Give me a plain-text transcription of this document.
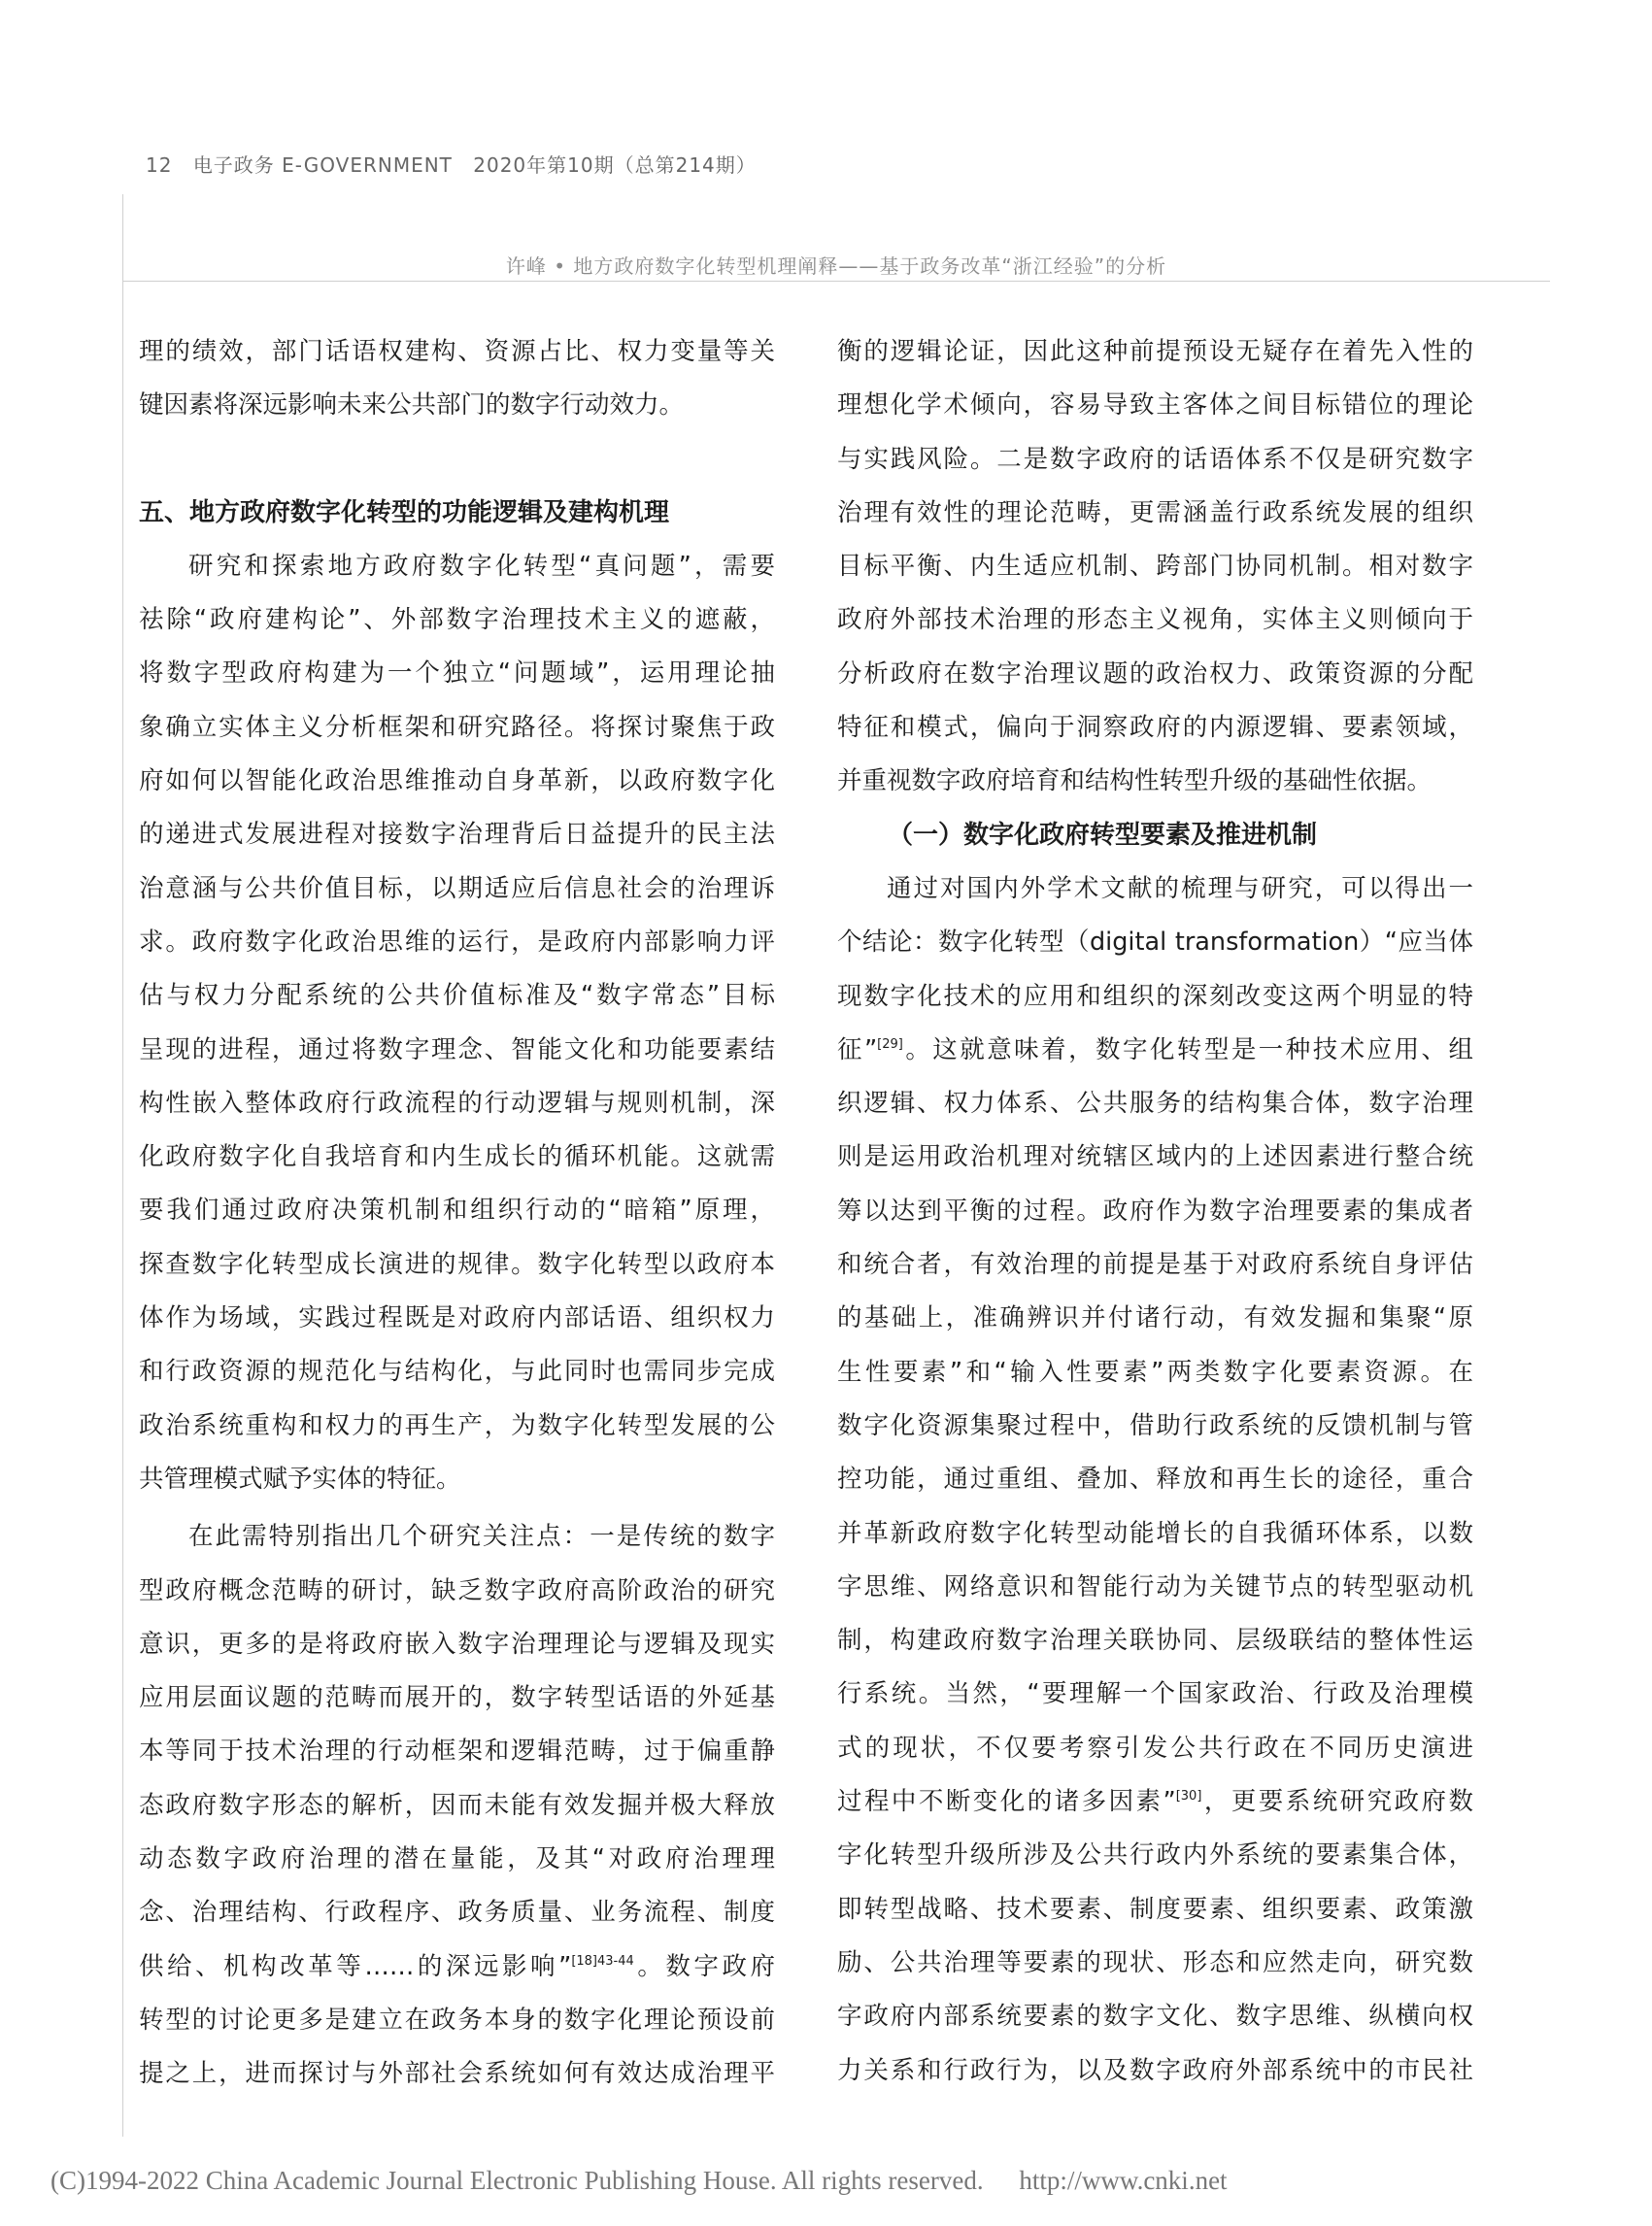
12 电子政务 E-GOVERNMENT 2020年第10期（总第214期）
许峰 • 地方政府数字化转型机理阐释——基于政务改革“浙江经验”的分析

理的绩效，部门话语权建构、资源占比、权力变量等关

键因素将深远影响未来公共部门的数字行动效力。

五、地方政府数字化转型的功能逻辑及建构机理

研究和探索地方政府数字化转型“真问题”，需要

祛除“政府建构论”、外部数字治理技术主义的遮蔽，

将数字型政府构建为一个独立“问题域”，运用理论抽

象确立实体主义分析框架和研究路径。将探讨聚焦于政

府如何以智能化政治思维推动自身革新，以政府数字化

的递进式发展进程对接数字治理背后日益提升的民主法

治意涵与公共价值目标，以期适应后信息社会的治理诉

求。政府数字化政治思维的运行，是政府内部影响力评

估与权力分配系统的公共价值标准及“数字常态”目标

呈现的进程，通过将数字理念、智能文化和功能要素结

构性嵌入整体政府行政流程的行动逻辑与规则机制，深

化政府数字化自我培育和内生成长的循环机能。这就需

要我们通过政府决策机制和组织行动的“暗箱”原理，

探查数字化转型成长演进的规律。数字化转型以政府本

体作为场域，实践过程既是对政府内部话语、组织权力

和行政资源的规范化与结构化，与此同时也需同步完成

政治系统重构和权力的再生产，为数字化转型发展的公

共管理模式赋予实体的特征。

在此需特别指出几个研究关注点：一是传统的数字

型政府概念范畴的研讨，缺乏数字政府高阶政治的研究

意识，更多的是将政府嵌入数字治理理论与逻辑及现实

应用层面议题的范畴而展开的，数字转型话语的外延基

本等同于技术治理的行动框架和逻辑范畴，过于偏重静

态政府数字形态的解析，因而未能有效发掘并极大释放

动态数字政府治理的潜在量能，及其“对政府治理理

念、治理结构、行政程序、政务质量、业务流程、制度

供给、机构改革等……的深远影响”$^{[18]43-44}$。数字政府

转型的讨论更多是建立在政务本身的数字化理论预设前

提之上，进而探讨与外部社会系统如何有效达成治理平

衡的逻辑论证，因此这种前提预设无疑存在着先入性的

理想化学术倾向，容易导致主客体之间目标错位的理论

与实践风险。二是数字政府的话语体系不仅是研究数字

治理有效性的理论范畴，更需涵盖行政系统发展的组织

目标平衡、内生适应机制、跨部门协同机制。相对数字

政府外部技术治理的形态主义视角，实体主义则倾向于

分析政府在数字治理议题的政治权力、政策资源的分配

特征和模式，偏向于洞察政府的内源逻辑、要素领域，

并重视数字政府培育和结构性转型升级的基础性依据。

（一）数字化政府转型要素及推进机制

通过对国内外学术文献的梳理与研究，可以得出一

个结论：数字化转型（digital transformation）“应当体

现数字化技术的应用和组织的深刻改变这两个明显的特

征”[29]。这就意味着，数字化转型是一种技术应用、组

织逻辑、权力体系、公共服务的结构集合体，数字治理

则是运用政治机理对统辖区域内的上述因素进行整合统

筹以达到平衡的过程。政府作为数字治理要素的集成者

和统合者，有效治理的前提是基于对政府系统自身评估

的基础上，准确辨识并付诸行动，有效发掘和集聚“原

生性要素”和“输入性要素”两类数字化要素资源。在

数字化资源集聚过程中，借助行政系统的反馈机制与管

控功能，通过重组、叠加、释放和再生长的途径，重合

并革新政府数字化转型动能增长的自我循环体系，以数

字思维、网络意识和智能行动为关键节点的转型驱动机

制，构建政府数字治理关联协同、层级联结的整体性运

行系统。当然，“要理解一个国家政治、行政及治理模

式的现状，不仅要考察引发公共行政在不同历史演进

过程中不断变化的诸多因素”[30]，更要系统研究政府数

字化转型升级所涉及公共行政内外系统的要素集合体，

即转型战略、技术要素、制度要素、组织要素、政策激

励、公共治理等要素的现状、形态和应然走向，研究数

字政府内部系统要素的数字文化、数字思维、纵横向权

力关系和行政行为，以及数字政府外部系统中的市民社

(C)1994-2022 China Academic Journal Electronic Publishing House. All rights reserved. http://www.cnki.net
